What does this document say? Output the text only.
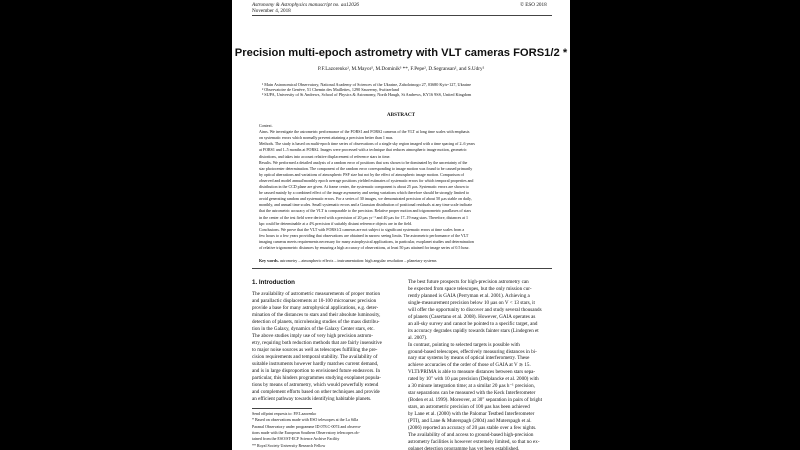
Astronomy & Astrophysics manuscript no. aa12026
November 4, 2018
© ESO 2018
Precision multi-epoch astrometry with VLT cameras FORS1/2 *
P.F.Lazorenko¹, M.Mayor², M.Dominik³ **, F.Pepe², D.Segransan², and S.Udry²
¹ Main Astronomical Observatory, National Academy of Sciences of the Ukraine, Zabolotnogo 27, 03680 Kyiv-127, Ukraine
² Observatoire de Genève, 51 Chemin des Maillettes, 1290 Sauverny, Switzerland
³ SUPA, University of St Andrews, School of Physics & Astronomy, North Haugh, St Andrews, KY16 9SS, United Kingdom
ABSTRACT
Context.
Aims. We investigate the astrometric performance of the FORS1 and FORS2 cameras of the VLT at long time scales with emphasis
on systematic errors which normally prevent attaining a precision better than 1 mas.
Methods. The study is based on multi-epoch time series of observations of a single sky region imaged with a time spacing of 2–6 years
at FORS1 and 1–5 months at FORS2. Images were processed with a technique that reduces atmospheric image motion, geometric
distortions, and takes into account relative displacement of reference stars in time.
Results. We performed a detailed analysis of a random error of positions that was shown to be dominated by the uncertainty of the
star photocenter determination. The component of the random error corresponding to image motion was found to be caused primarily
by optical aberrations and variations of atmospheric PSF size but not by the effect of atmospheric image motion. Comparison of
observed and model annual/monthly epoch average positions yielded estimates of systematic errors for which temporal properties and
distribution in the CCD plane are given. At frame center, the systematic component is about 25 μas. Systematic errors are shown to
be caused mainly by a combined effect of the image asymmetry and seeing variations which therefore should be strongly limited to
avoid generating random and systematic errors. For a series of 30 images, we demonstrated precision of about 50 μas stable on daily,
monthly, and annual time scales. Small systematic errors and a Gaussian distribution of positional residuals at any time scale indicate
that the astrometric accuracy of the VLT is comparable to the precision. Relative proper motion and trigonometric parallaxes of stars
in the center of the test field were derived with a precision of 20 μas yr⁻¹ and 40 μas for 17–19 mag stars. Therefore, distances at 1
kpc could be determinable at a 4% precision if suitably distant reference objects are in the field.
Conclusions. We prove that the VLT with FORS1/2 cameras are not subject to significant systematic errors at time scales from a
few hours to a few years providing that observations are obtained in narrow seeing limits. The astrometric performance of the VLT
imaging cameras meets requirements necessary for many astrophysical applications, in particular, exoplanet studies and determination
of relative trigonometric distances by ensuring a high accuracy of observations, at least 50 μas attained for image series of 0.5 hour.
Key words. astrometry – atmospheric effects – instrumentation: high angular resolution – planetary systems
1. Introduction
The availability of astrometric measurements of proper motion
and parallactic displacements at 10-100 microarsec precision
provide a base for many astrophysical applications, e.g. deter-
mination of the distances to stars and their absolute luminosity,
detection of planets, microlensing studies of the mass distribu-
tion in the Galaxy, dynamics of the Galaxy Center stars, etc.
The above studies imply use of very high precision astrom-
etry, requiring both reduction methods that are fairly insensitive
to major noise sources as well as telescopes fulfilling the pre-
cision requirements and temporal stability. The availability of
suitable instruments however hardly matches current demand,
and is in large disproportion to envisioned future endeavors. In
particular, this hinders programmes studying exoplanet popula-
tions by means of astrometry, which would powerfully extend
and complement efforts based on other techniques and provide
an efficient pathway towards identifying habitable planets.
Send offprint requests to: P.F.Lazorenko
* Based on observations made with ESO telescopes at the La Silla
Paranal Observatory under programme ID 078.C-0074 and observa-
tions made with the European Southern Observatory telescopes ob-
tained from the ESO/ST-ECF Science Archive Facility
** Royal Society University Research Fellow
The best future prospects for high-precision astrometry can
be expected from space telescopes, but the only mission cur-
rently planned is GAIA (Perryman et al. 2001). Achieving a
single-measurement precision below 10 μas on V < 13 stars, it
will offer the opportunity to discover and study several thousands
of planets (Casertano et al. 2008). However, GAIA operates as
an all-sky survey and cannot be pointed to a specific target, and
its accuracy degrades rapidly towards fainter stars (Lindegren et
al. 2007).
In contrast, pointing to selected targets is possible with
ground-based telescopes, effectively measuring distances in bi-
nary star systems by means of optical interferometry. These
achieve accuracies of the order of those of GAIA at V ≳ 15.
VLTI/PRIMA is able to measure distances between stars sepa-
rated by 10" with 10 μas precision (Delplancke et al. 2000) with
a 30 minute integration time; at a similar 20 μas h⁻¹ precision,
star separations can be measured with the Keck Interferometer
(Boden et al. 1999). Moreover, at 30" separation in pairs of bright
stars, an astrometric precision of 100 μas has been achieved
by Lane et al. (2000) with the Palomar Testbed Interferometer
(PTI), and Lane & Muterspagh (2004) and Muterspagh et al.
(2006) reported an accuracy of 20 μas stable over a few nights.
The availability of and access to ground-based high-precision
astrometry facilities is however extremely limited, so that no ex-
oplanet detection programme has yet been established.
